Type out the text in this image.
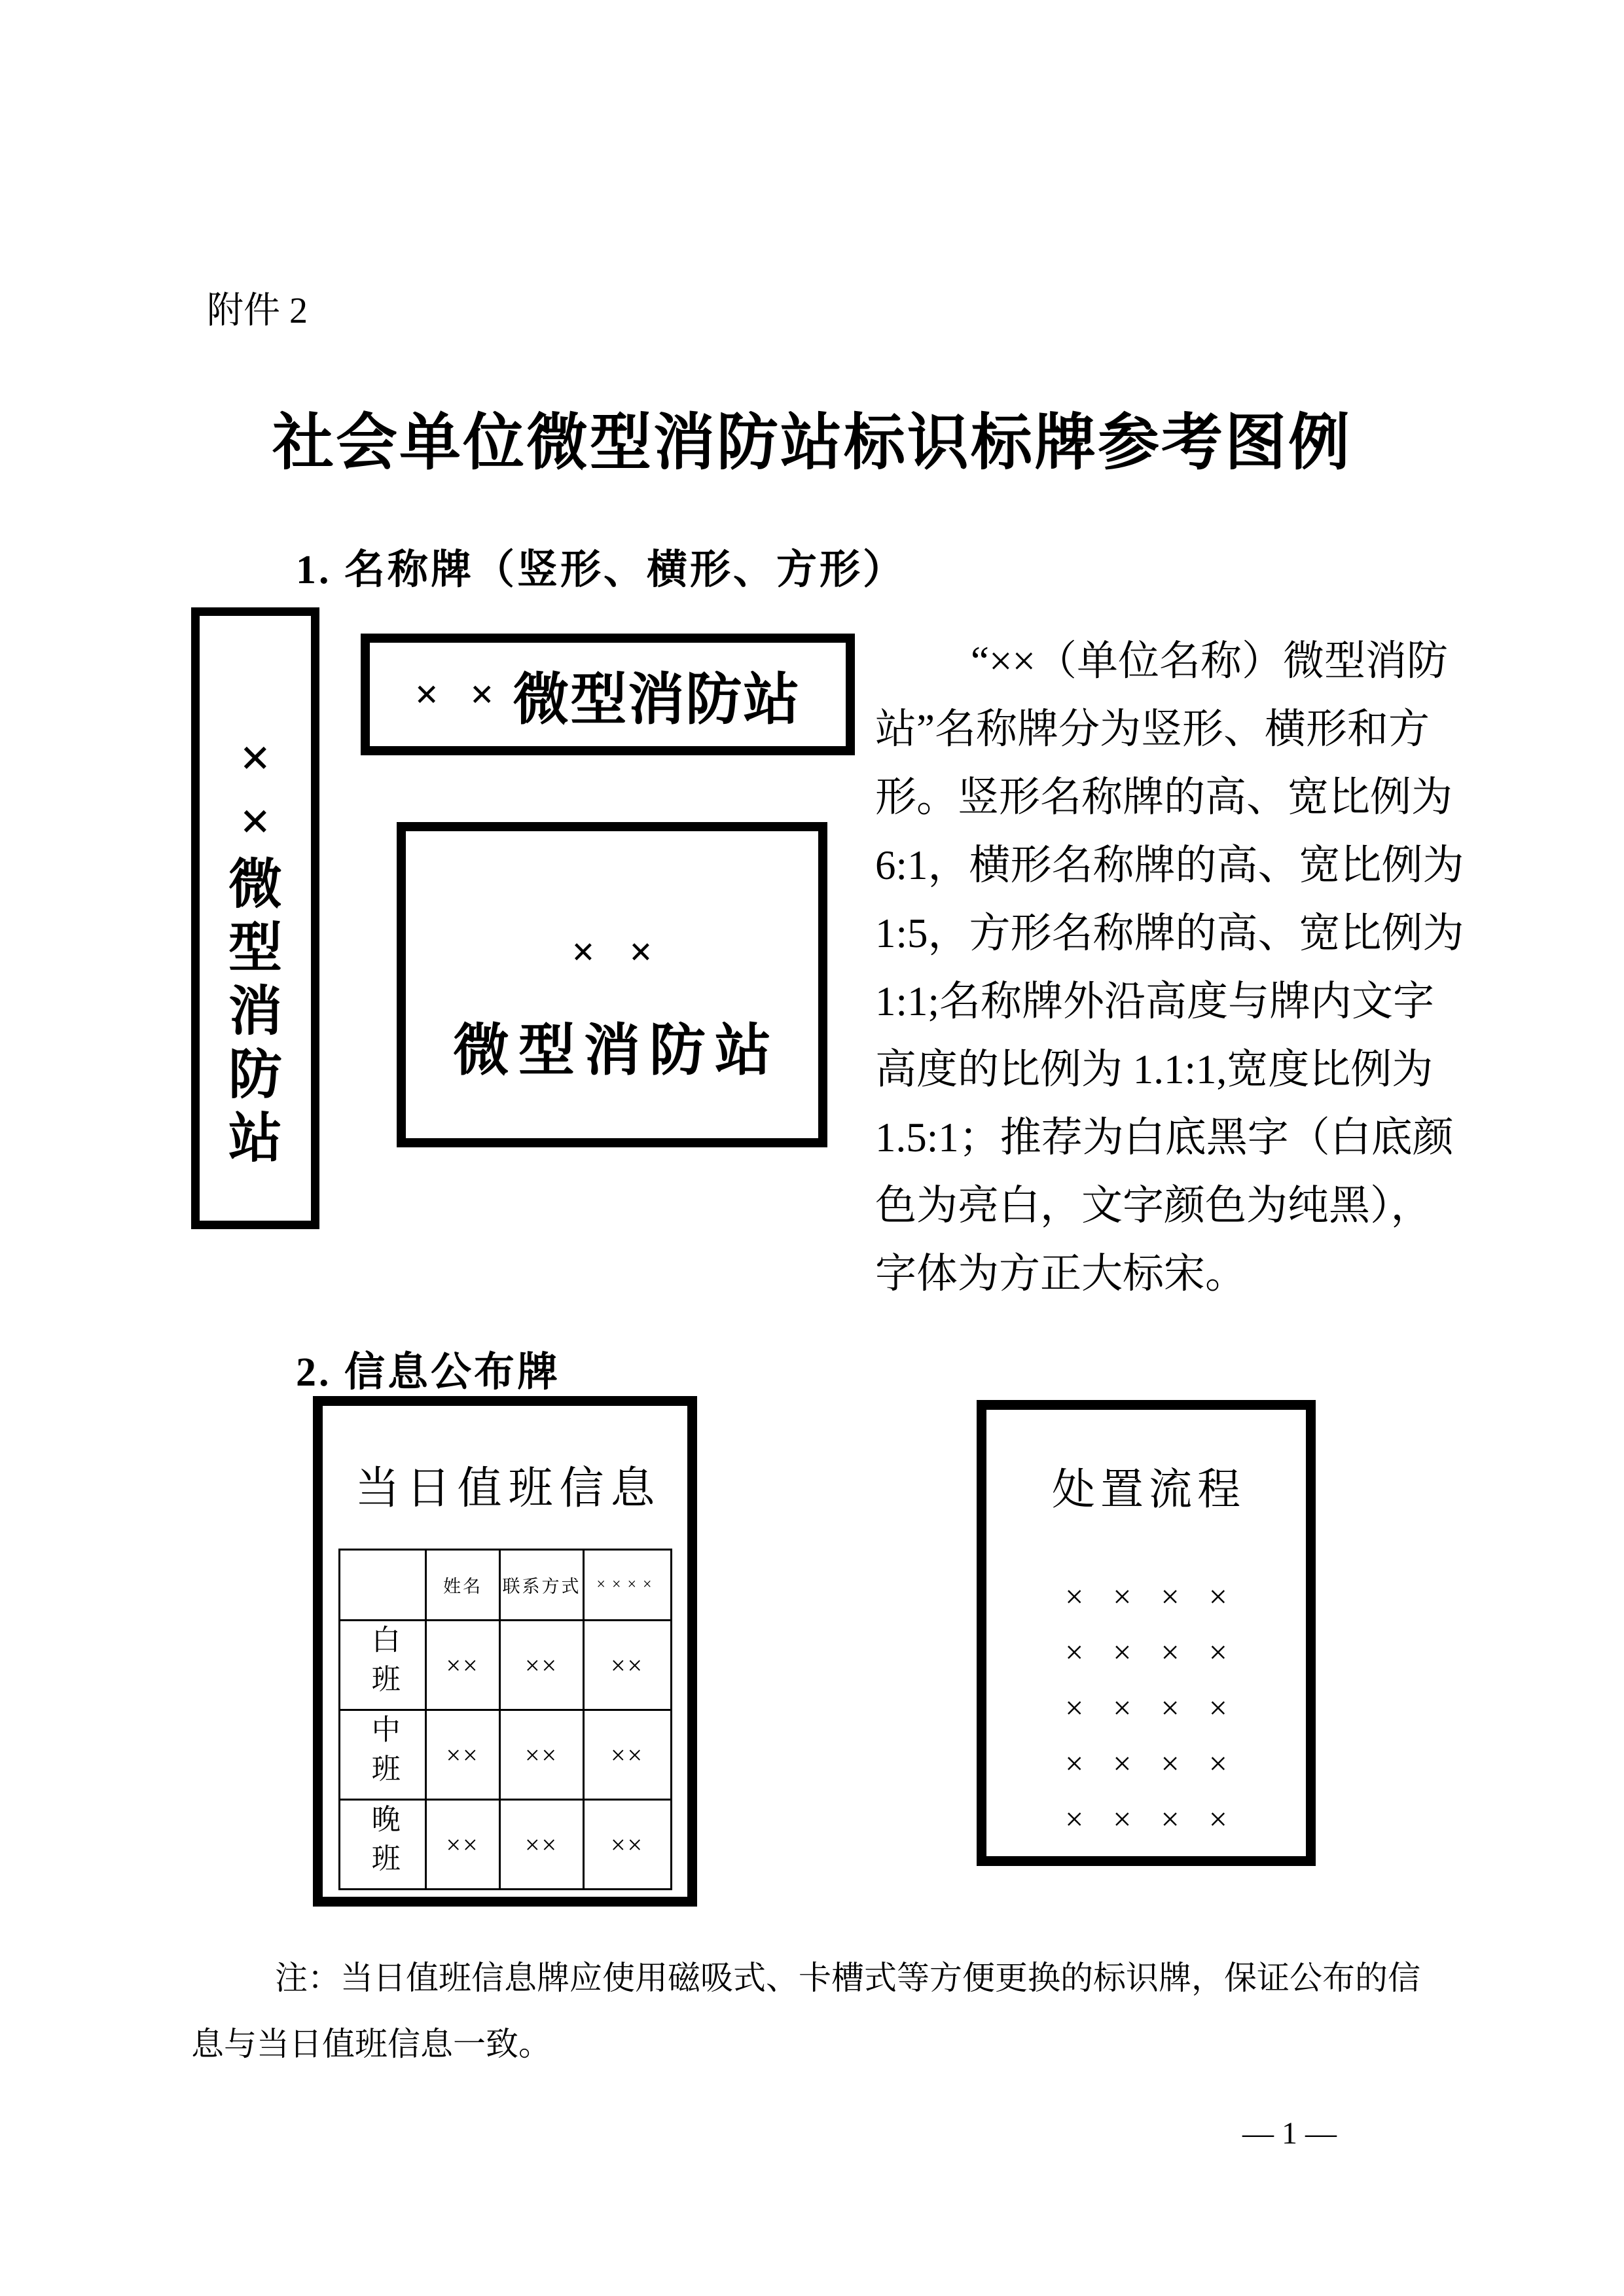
附件 2
社会单位微型消防站标识标牌参考图例
1. 名称牌（竖形、横形、方形）
×
×
微
型
消
防
站
××
微型消防站
××
微型消防站
“××（单位名称）微型消防
站”名称牌分为竖形、横形和方
形。竖形名称牌的高、宽比例为
6:1，横形名称牌的高、宽比例为
1:5，方形名称牌的高、宽比例为
1:1;名称牌外沿高度与牌内文字
高度的比例为 1.1:1,宽度比例为
1.5:1；推荐为白底黑字（白底颜
色为亮白，文字颜色为纯黑），
字体为方正大标宋。
2. 信息公布牌
当日值班信息
	姓名	联系方式	××××
白班	××	××	××
中班	××	××	××
晚班	××	××	××
处置流程
××××
××××
××××
××××
××××
注：当日值班信息牌应使用磁吸式、卡槽式等方便更换的标识牌，保证公布的信
息与当日值班信息一致。
— 1 —
